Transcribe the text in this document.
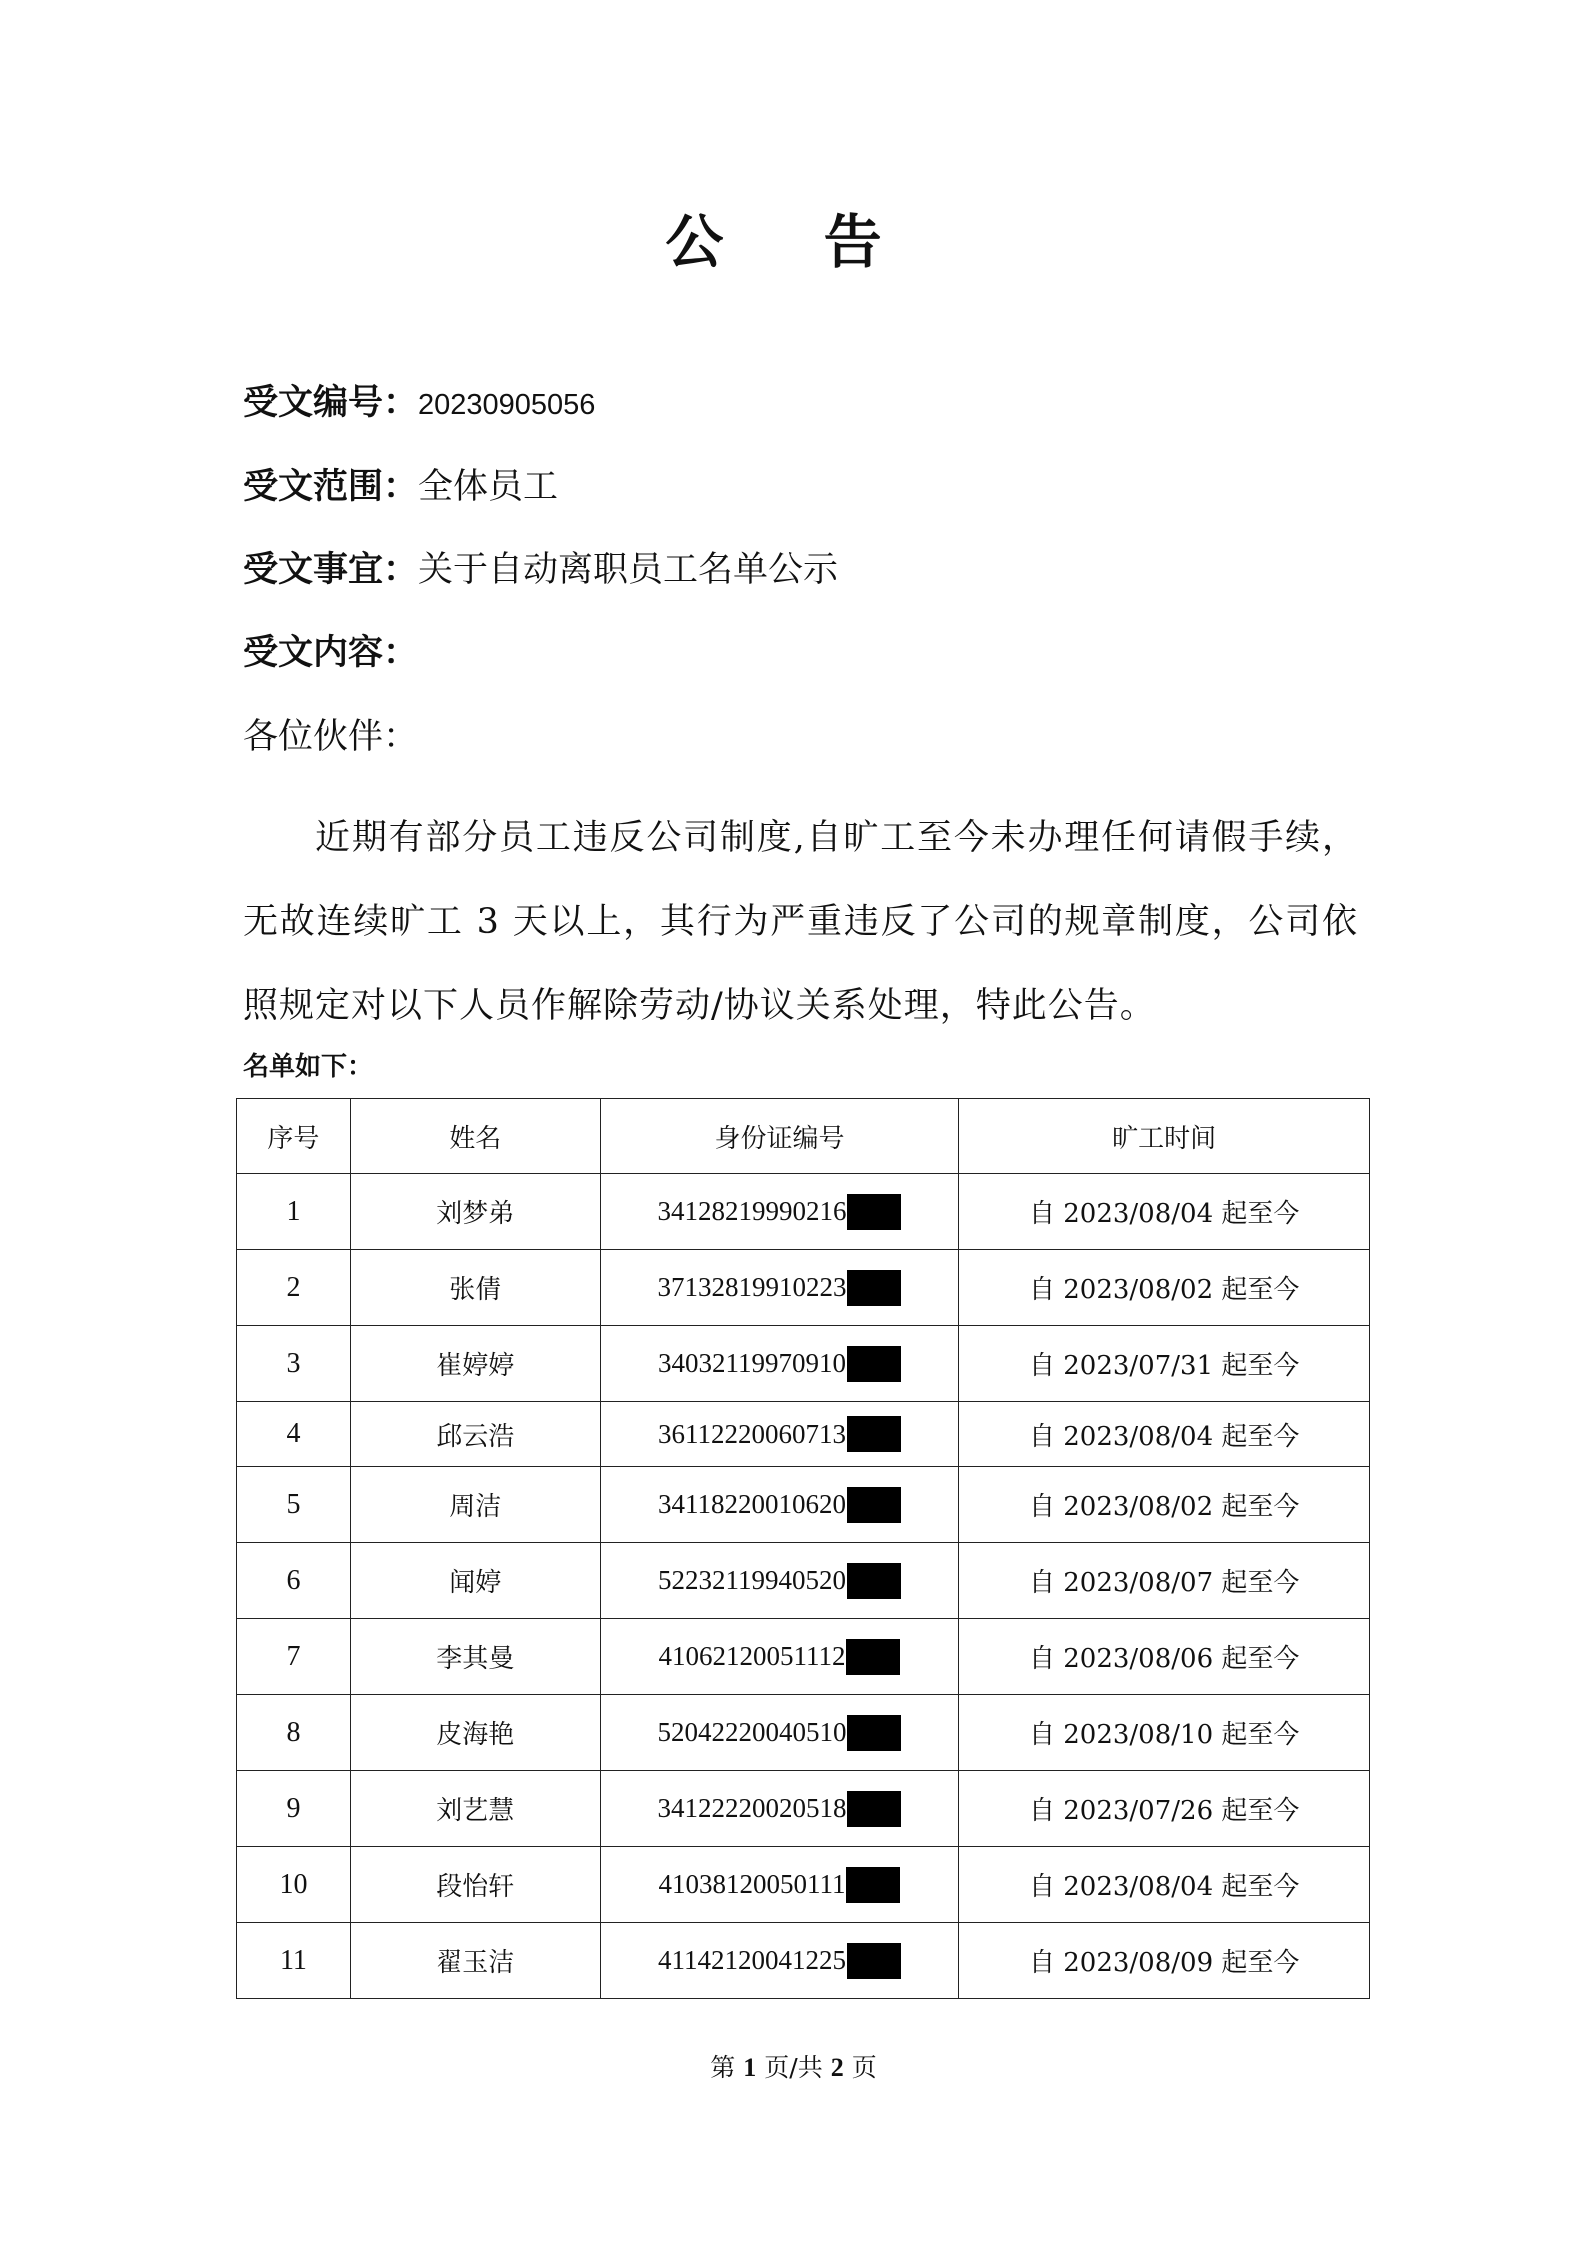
公 告
受文编号：20230905056
受文范围：全体员工
受文事宜：关于自动离职员工名单公示
受文内容：
各位伙伴：
近期有部分员工违反公司制度,自旷工至今未办理任何请假手续，无故连续旷工 3 天以上，其行为严重违反了公司的规章制度，公司依照规定对以下人员作解除劳动/协议关系处理，特此公告。
名单如下：
序号	姓名	身份证编号	旷工时间
1	刘梦弟	34128219990216	自 2023/08/04 起至今
2	张倩	37132819910223	自 2023/08/02 起至今
3	崔婷婷	34032119970910	自 2023/07/31 起至今
4	邱云浩	36112220060713	自 2023/08/04 起至今
5	周洁	34118220010620	自 2023/08/02 起至今
6	闻婷	52232119940520	自 2023/08/07 起至今
7	李其曼	41062120051112	自 2023/08/06 起至今
8	皮海艳	52042220040510	自 2023/08/10 起至今
9	刘艺慧	34122220020518	自 2023/07/26 起至今
10	段怡轩	41038120050111	自 2023/08/04 起至今
11	翟玉洁	41142120041225	自 2023/08/09 起至今
第 1 页/共 2 页
